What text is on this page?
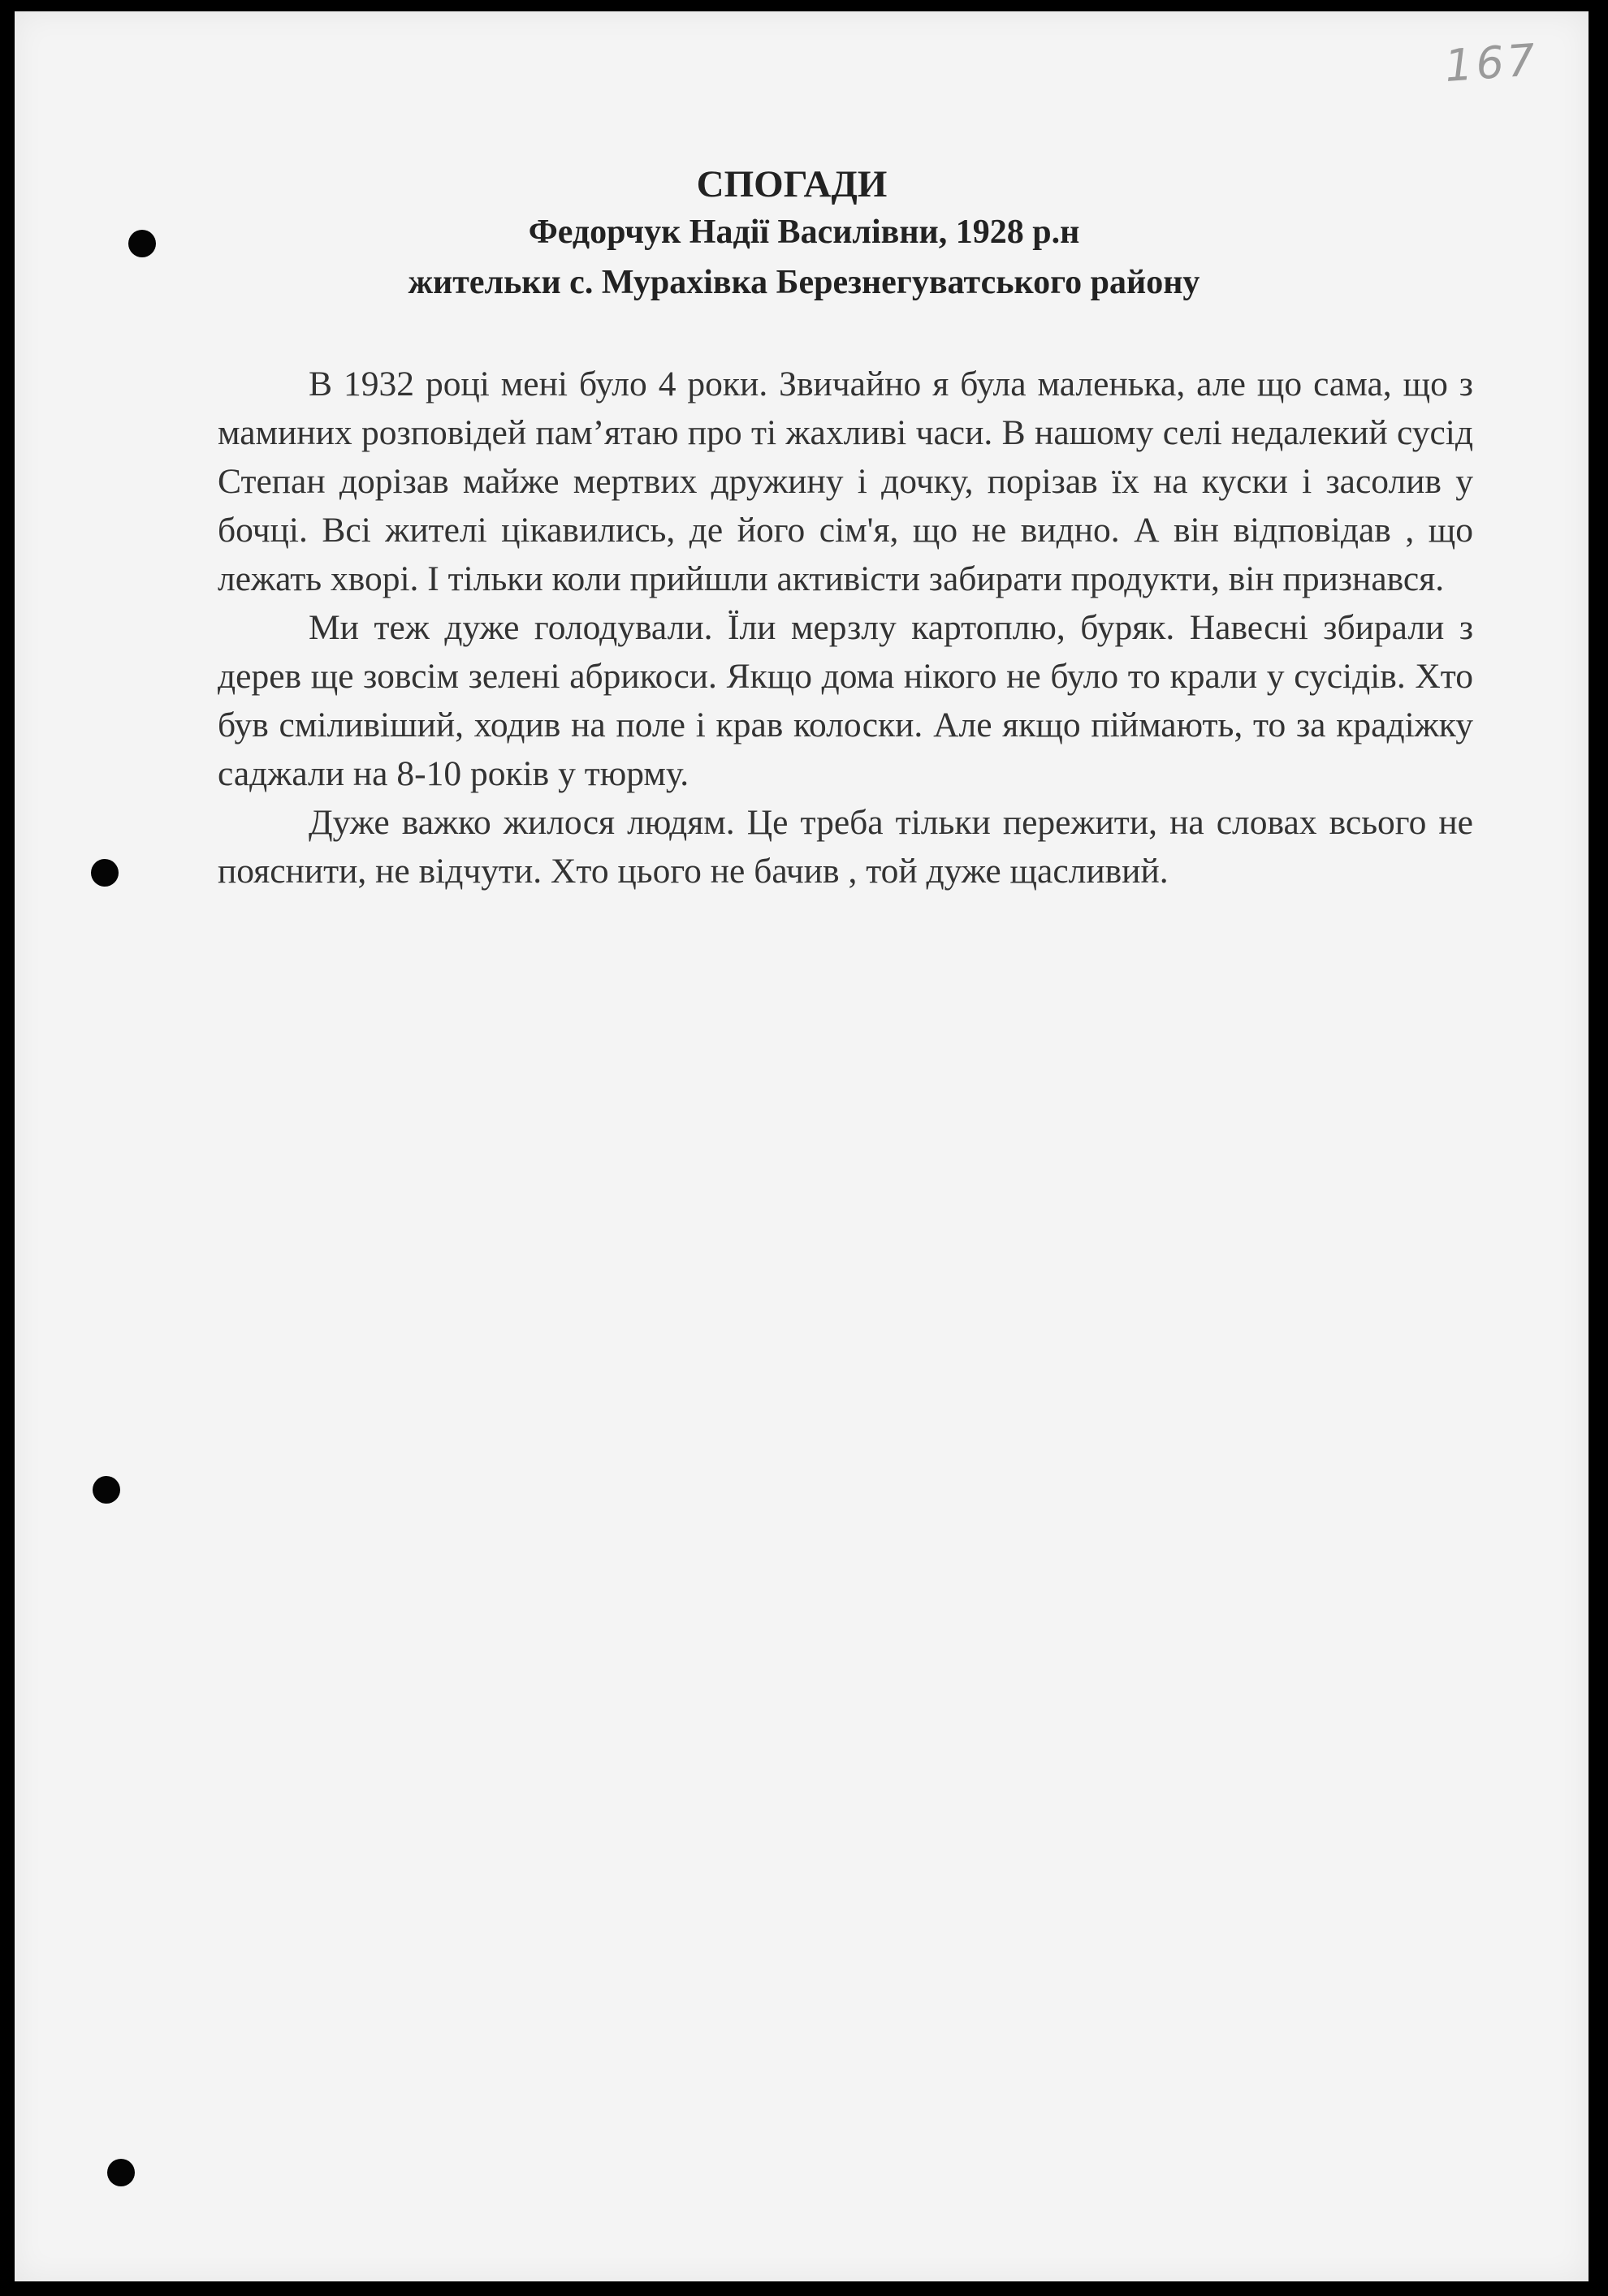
167
СПОГАДИ
Федорчук Надії Василівни, 1928 р.н
жительки с. Мурахівка Березнегуватського району

В 1932 році мені було 4 роки. Звичайно я була маленька, але що сама, що з маминих розповідей пам’ятаю про ті жахливі часи. В нашому селі недалекий сусід Степан дорізав майже мертвих дружину і дочку, порізав їх на куски і засолив у бочці. Всі жителі цікавились, де його сім'я, що не видно. А він відповідав , що лежать хворі. І тільки коли прийшли активісти забирати продукти, він признався.

Ми теж дуже голодували. Їли мерзлу картоплю, буряк. Навесні збирали з дерев ще зовсім зелені абрикоси. Якщо дома нікого не було то крали у сусідів. Хто був сміливіший, ходив на поле і крав колоски. Але якщо піймають, то за крадіжку саджали на 8-10 років у тюрму.

Дуже важко жилося людям. Це треба тільки пережити, на словах всього не пояснити, не відчути. Хто цього не бачив , той дуже щасливий.
